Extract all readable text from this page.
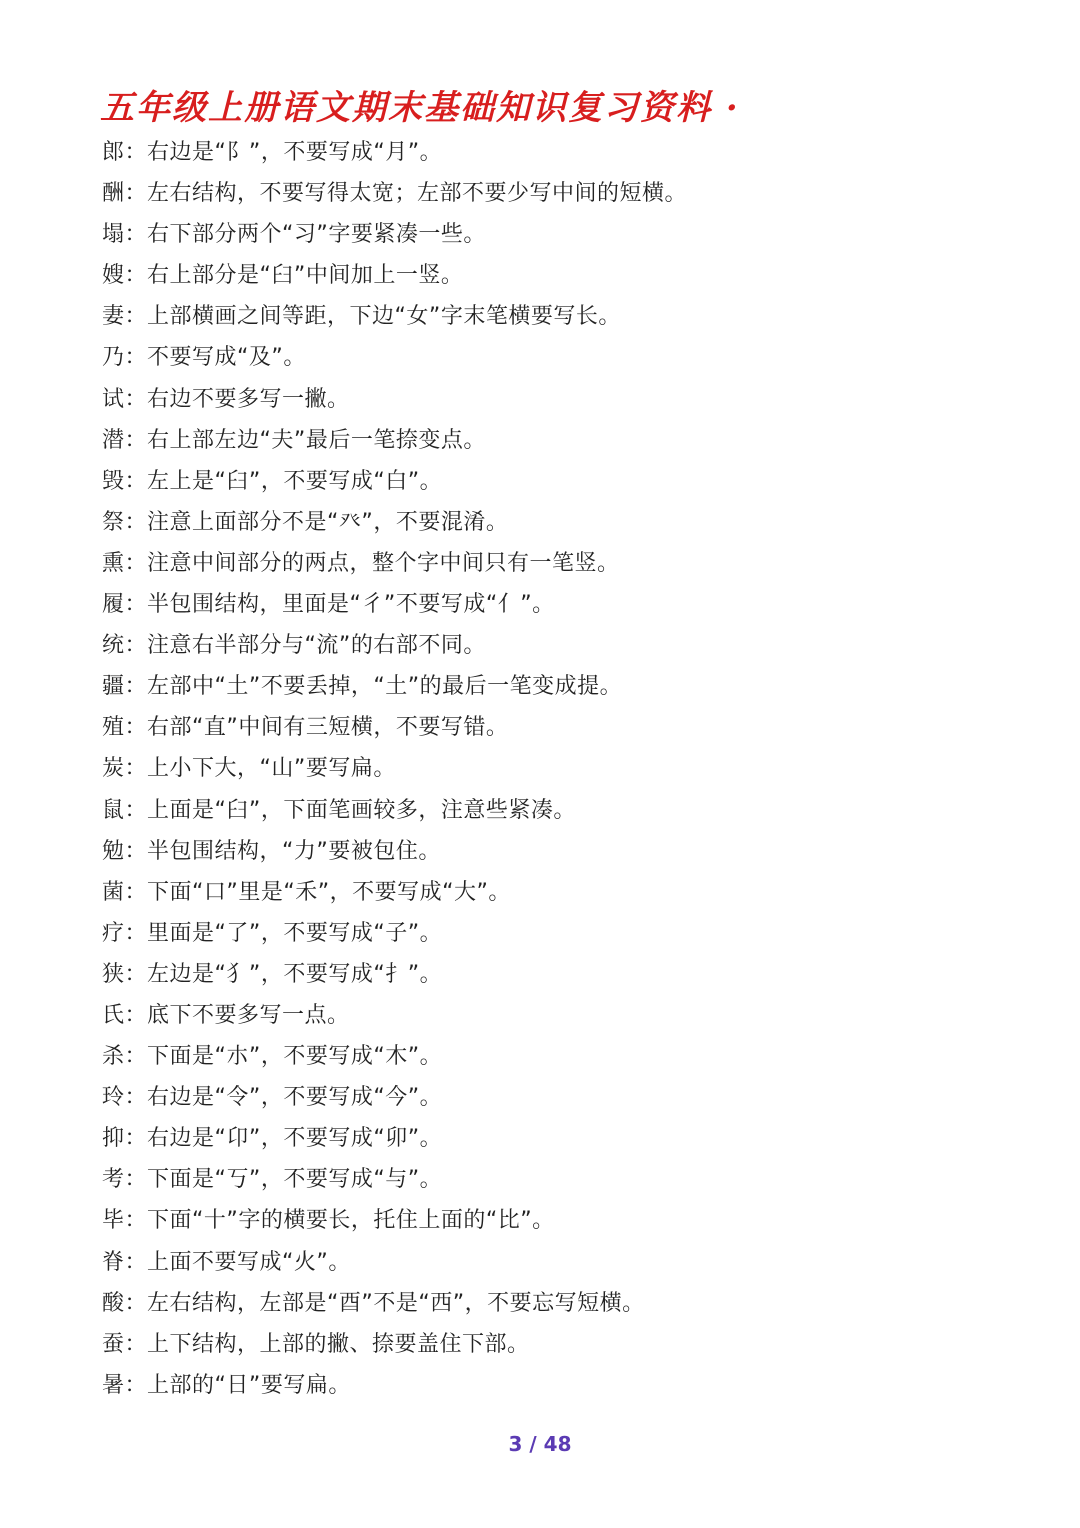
五年级上册语文期末基础知识复习资料 ·
郎：右边是“阝”，不要写成“月”。
酬：左右结构，不要写得太宽；左部不要少写中间的短横。
塌：右下部分两个“习”字要紧凑一些。
嫂：右上部分是“臼”中间加上一竖。
妻：上部横画之间等距，下边“女”字末笔横要写长。
乃：不要写成“及”。
试：右边不要多写一撇。
潜：右上部左边“夫”最后一笔捺变点。
毁：左上是“臼”，不要写成“白”。
祭：注意上面部分不是“癶”，不要混淆。
熏：注意中间部分的两点，整个字中间只有一笔竖。
履：半包围结构，里面是“彳”不要写成“亻”。
统：注意右半部分与“流”的右部不同。
疆：左部中“土”不要丢掉，“土”的最后一笔变成提。
殖：右部“直”中间有三短横，不要写错。
炭：上小下大，“山”要写扁。
鼠：上面是“臼”，下面笔画较多，注意些紧凑。
勉：半包围结构，“力”要被包住。
菌：下面“口”里是“禾”，不要写成“大”。
疗：里面是“了”，不要写成“子”。
狭：左边是“犭”，不要写成“扌”。
氏：底下不要多写一点。
杀：下面是“朩”，不要写成“木”。
玲：右边是“令”，不要写成“今”。
抑：右边是“卬”，不要写成“卯”。
考：下面是“丂”，不要写成“与”。
毕：下面“十”字的横要长，托住上面的“比”。
脊：上面不要写成“火”。
酸：左右结构，左部是“酉”不是“西”，不要忘写短横。
蚕：上下结构，上部的撇、捺要盖住下部。
暑：上部的“日”要写扁。
3 / 48
